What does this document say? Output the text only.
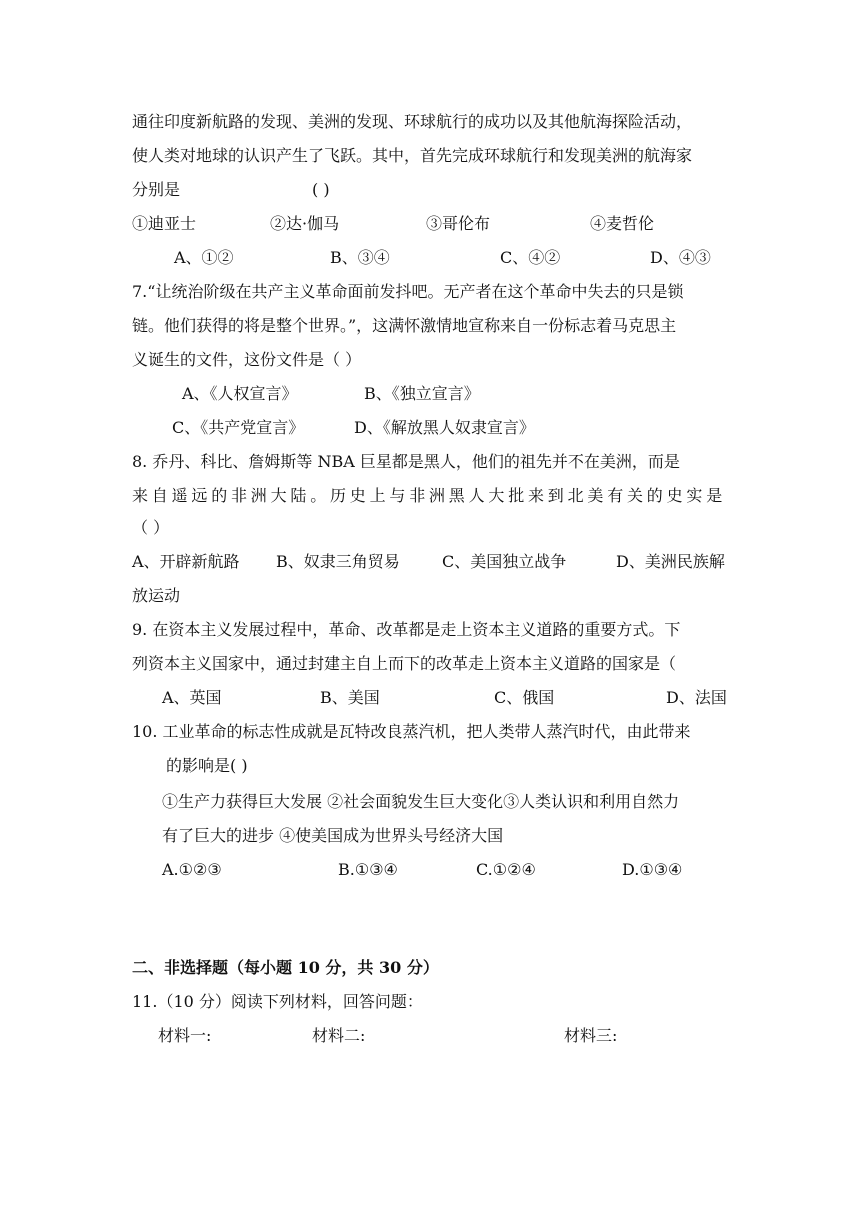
通往印度新航路的发现、美洲的发现、环球航行的成功以及其他航海探险活动，
使人类对地球的认识产生了飞跃。其中，首先完成环球航行和发现美洲的航海家
分别是	( )
①迪亚士	②达·伽马	③哥伦布	④麦哲伦
A、①②	B、③④	C、④②	D、④③
7.“让统治阶级在共产主义革命面前发抖吧。无产者在这个革命中失去的只是锁
链。他们获得的将是整个世界。”，这满怀激情地宣称来自一份标志着马克思主
义诞生的文件，这份文件是（ ）
A、《人权宣言》	B、《独立宣言》
C、《共产党宣言》	D、《解放黑人奴隶宣言》
8. 乔丹、科比、詹姆斯等 NBA 巨星都是黑人，他们的祖先并不在美洲，而是
来自遥远的非洲大陆。历史上与非洲黑人大批来到北美有关的史实是
（ ）
A、开辟新航路 B、奴隶三角贸易	C、美国独立战争	D、美洲民族解
放运动
9. 在资本主义发展过程中，革命、改革都是走上资本主义道路的重要方式。下
列资本主义国家中，通过封建主自上而下的改革走上资本主义道路的国家是（
A、英国	B、美国	C、俄国	D、法国
10. 工业革命的标志性成就是瓦特改良蒸汽机，把人类带人蒸汽时代，由此带来
的影响是( )
①生产力获得巨大发展 ②社会面貌发生巨大变化③人类认识和利用自然力
有了巨大的进步 ④使美国成为世界头号经济大国
A.①②③	B.①③④	C.①②④	D.①③④
二、非选择题（每小题 10 分，共 30 分）
11.（10 分）阅读下列材料，回答问题：
材料一:	材料二:	材料三:
